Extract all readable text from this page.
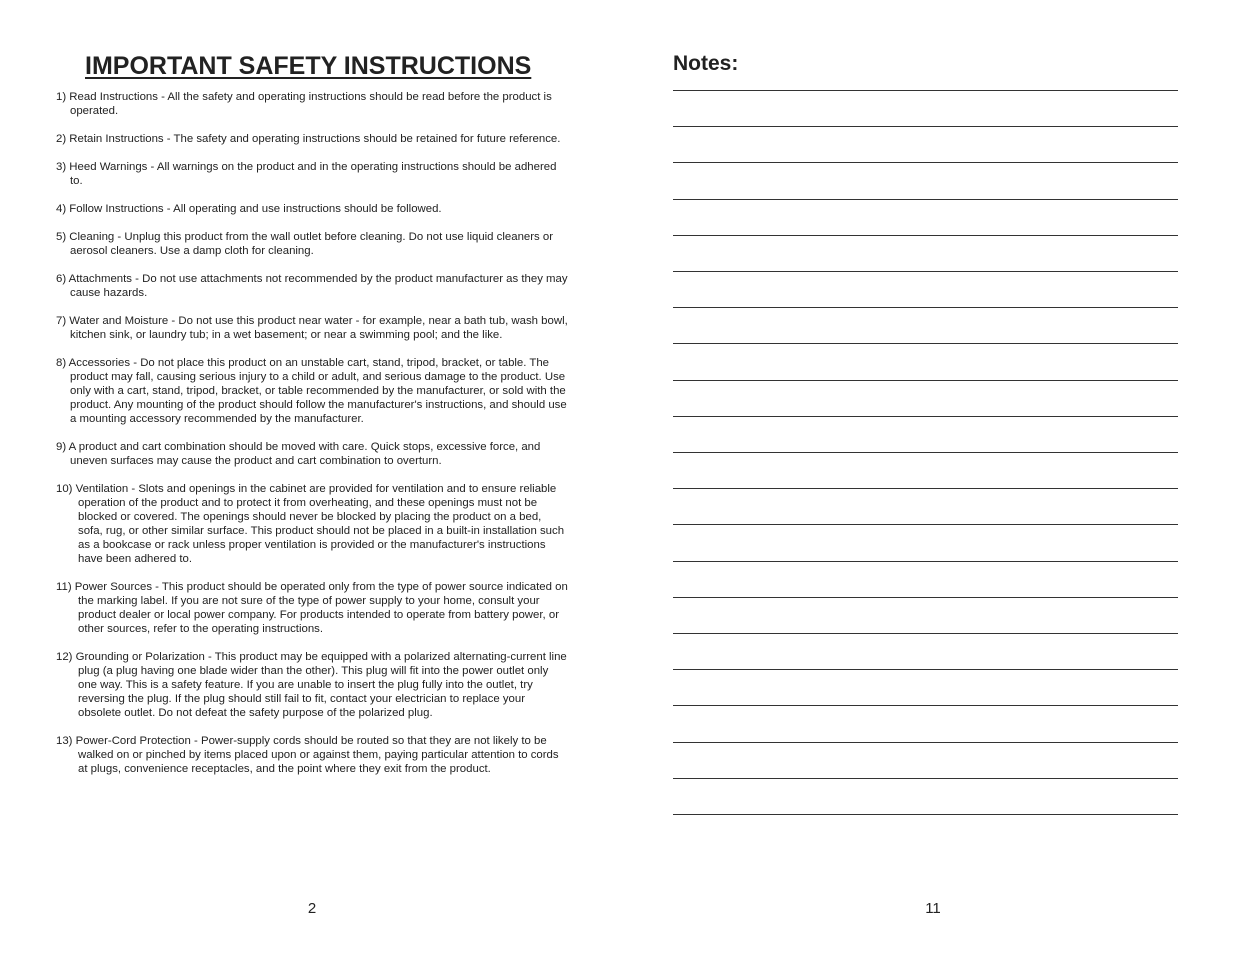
IMPORTANT SAFETY INSTRUCTIONS
1) Read Instructions - All the safety and operating instructions should be read before the product is operated.
2) Retain Instructions - The safety and operating instructions should be retained for future reference.
3) Heed Warnings - All warnings on the product and in the operating instructions should be adhered to.
4) Follow Instructions - All operating and use instructions should be followed.
5) Cleaning - Unplug this product from the wall outlet before cleaning. Do not use liquid cleaners or aerosol cleaners. Use a damp cloth for cleaning.
6) Attachments - Do not use attachments not recommended by the product manufacturer as they may cause hazards.
7) Water and Moisture - Do not use this product near water - for example, near a bath tub, wash bowl, kitchen sink, or laundry tub; in a wet basement; or near a swimming pool; and the like.
8) Accessories - Do not place this product on an unstable cart, stand, tripod, bracket, or table. The product may fall, causing serious injury to a child or adult, and serious damage to the product. Use only with a cart, stand, tripod, bracket, or table recommended by the manufacturer, or sold with the product. Any mounting of the product should follow the manufacturer's instructions, and should use a mounting accessory recommended by the manufacturer.
9) A product and cart combination should be moved with care. Quick stops, excessive force, and uneven surfaces may cause the product and cart combination to overturn.
10) Ventilation - Slots and openings in the cabinet are provided for ventilation and to ensure reliable operation of the product and to protect it from overheating, and these openings must not be blocked or covered. The openings should never be blocked by placing the product on a bed, sofa, rug, or other similar surface. This product should not be placed in a built-in installation such as a bookcase or rack unless proper ventilation is provided or the manufacturer's instructions have been adhered to.
11) Power Sources - This product should be operated only from the type of power source indicated on the marking label. If you are not sure of the type of power supply to your home, consult your product dealer or local power company. For products intended to operate from battery power, or other sources, refer to the operating instructions.
12) Grounding or Polarization - This product may be equipped with a polarized alternating-current line plug (a plug having one blade wider than the other). This plug will fit into the power outlet only one way. This is a safety feature. If you are unable to insert the plug fully into the outlet, try reversing the plug. If the plug should still fail to fit, contact your electrician to replace your obsolete outlet. Do not defeat the safety purpose of the polarized plug.
13) Power-Cord Protection - Power-supply cords should be routed so that they are not likely to be walked on or pinched by items placed upon or against them, paying particular attention to cords at plugs, convenience receptacles, and the point where they exit from the product.
2
Notes:
11
